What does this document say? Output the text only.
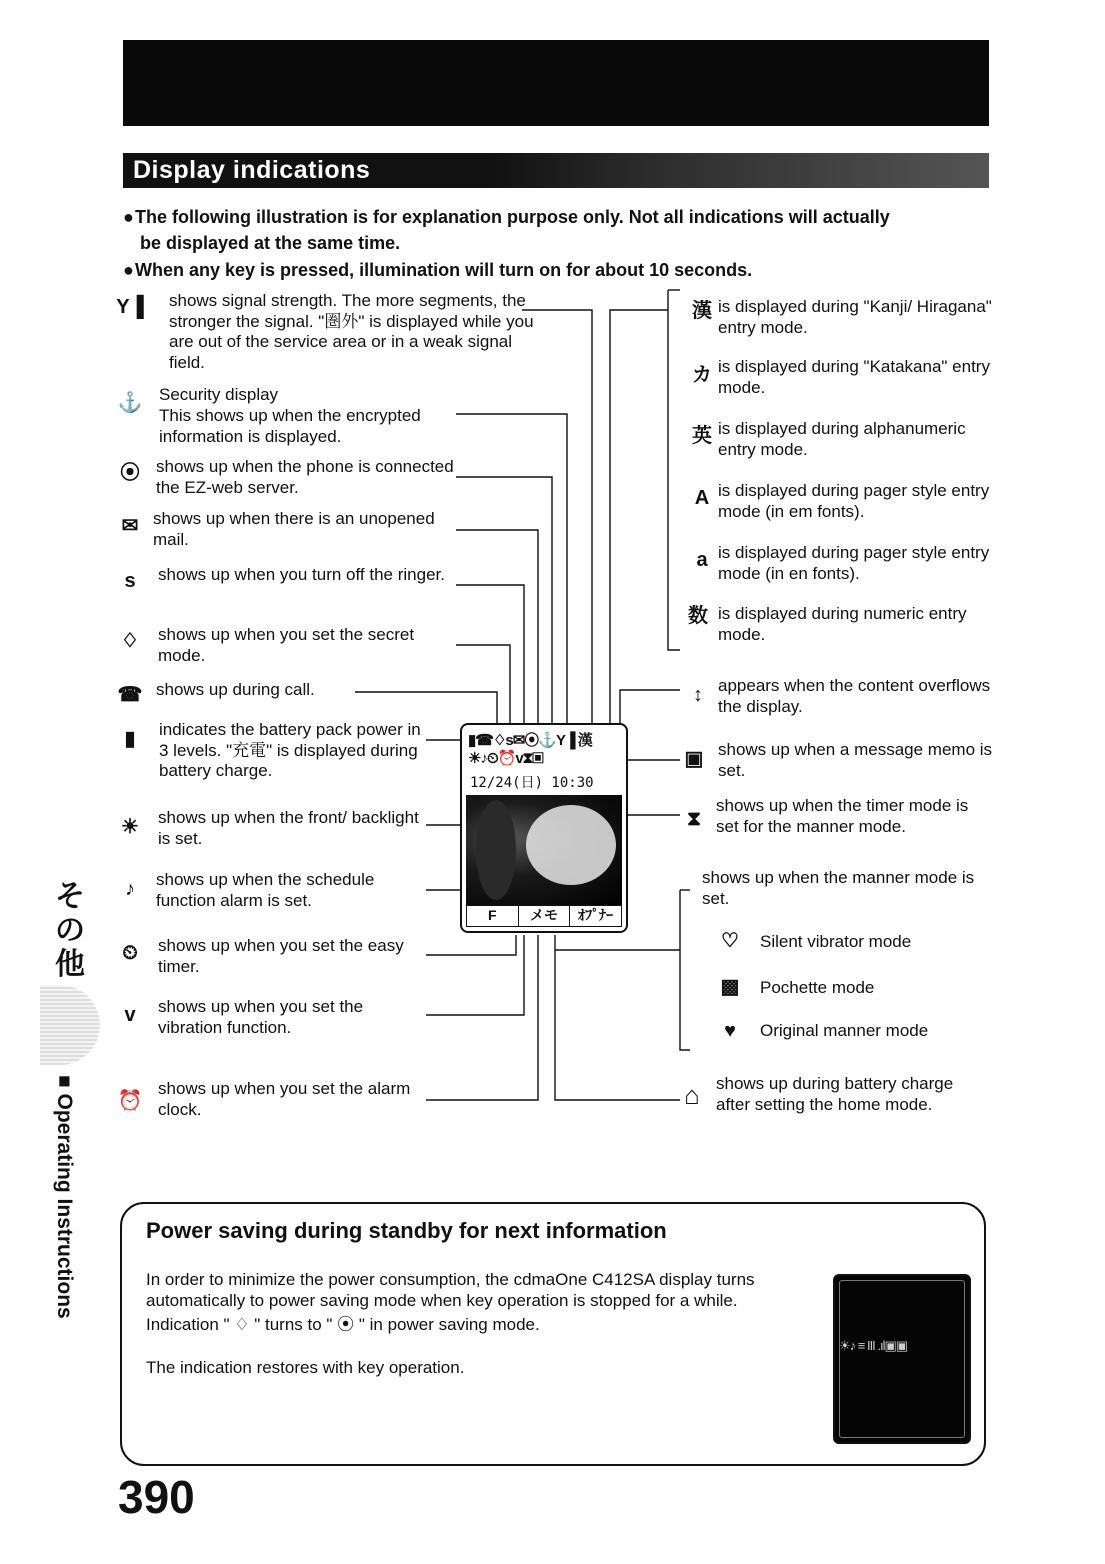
Display indications
●The following illustration is for explanation purpose only. Not all indications will actually
be displayed at the same time.
●When any key is pressed, illumination will turn on for about 10 seconds.
Y▐ shows signal strength. The more segments, the stronger the signal. "圏外" is displayed while you are out of the service area or in a weak signal field.
⚓ Security display
This shows up when the encrypted information is displayed.
⦿ shows up when the phone is connected the EZ-web server.
✉ shows up when there is an unopened mail.
s	shows up when you turn off the ringer.
♢ shows up when you set the secret mode.
☎ shows up during call.
▮	indicates the battery pack power in 3 levels. "充電" is displayed during battery charge.
☀ shows up when the front/ backlight is set.
♪	shows up when the schedule function alarm is set.
⏲	shows up when you set the easy timer.
v	shows up when you set the vibration function.
⏰
shows up when you set the alarm clock.
漢 is displayed during "Kanji/ Hiragana" entry mode.
カ is displayed during "Katakana" entry mode.
英 is displayed during alphanumeric entry mode.
A is displayed during pager style entry mode (in em fonts).
a is displayed during pager style entry mode (in en fonts).
数 is displayed during numeric entry mode.
↕ appears when the content overflows the display.
▣ shows up when a message memo is set.
⧗
shows up when the timer mode is set for the manner mode.
shows up when the manner mode is set.
♡ Silent vibrator mode
▩ Pochette mode
♥	Original manner mode
⌂ shows up during battery charge after setting the home mode.
▮☎♢s✉⦿⚓Y▐ 漢
☀♪⏲⏰v⧗▣
12/24(日) 10:30
F	メモ	ｵﾌﾟﾅｰ
その他
■ Operating Instructions	Power saving during standby for next information

In order to minimize the power consumption, the cdmaOne C412SA display turns automatically to power saving mode when key operation is stopped for a while.

Indication " ♢ " turns to " ⦿ " in power saving mode.

The indication restores with key operation.

☀♪ ≡ III .ıl▣▣
390
